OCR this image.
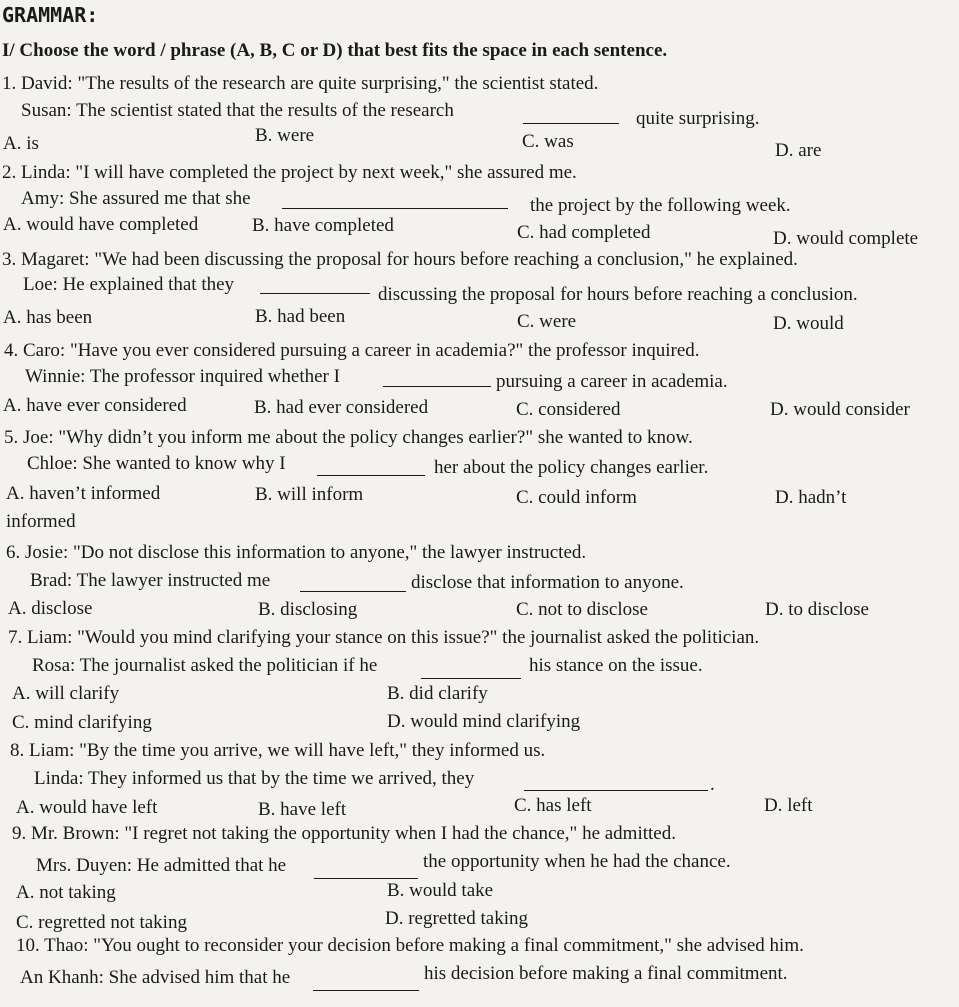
GRAMMAR:
I/ Choose the word / phrase (A, B, C or D) that best fits the space in each sentence.
1. David: "The results of the research are quite surprising," the scientist stated.
Susan: The scientist stated that the results of the research	quite surprising.
A. is	B. were	C. was	D. are
2. Linda: "I will have completed the project by next week," she assured me.
Amy: She assured me that she	the project by the following week.
A. would have completed	B. have completed	C. had completed	D. would complete
3. Magaret: "We had been discussing the proposal for hours before reaching a conclusion," he explained.
Loe: He explained that they	discussing the proposal for hours before reaching a conclusion.
A. has been	B. had been	C. were	D. would
4. Caro: "Have you ever considered pursuing a career in academia?" the professor inquired.
Winnie: The professor inquired whether I	pursuing a career in academia.
A. have ever considered	B. had ever considered	C. considered	D. would consider
5. Joe: "Why didn’t you inform me about the policy changes earlier?" she wanted to know.
Chloe: She wanted to know why I	her about the policy changes earlier.
A. haven’t informed	B. will inform	C. could inform	D. hadn’t
informed
6. Josie: "Do not disclose this information to anyone," the lawyer instructed.
Brad: The lawyer instructed me	disclose that information to anyone.
A. disclose	B. disclosing	C. not to disclose	D. to disclose
7. Liam: "Would you mind clarifying your stance on this issue?" the journalist asked the politician.
Rosa: The journalist asked the politician if he	his stance on the issue.
A. will clarify	B. did clarify
C. mind clarifying	D. would mind clarifying
8. Liam: "By the time you arrive, we will have left," they informed us.
Linda: They informed us that by the time we arrived, they	.
A. would have left	B. have left	C. has left	D. left
9. Mr. Brown: "I regret not taking the opportunity when I had the chance," he admitted.
Mrs. Duyen: He admitted that he	the opportunity when he had the chance.
A. not taking	B. would take
C. regretted not taking	D. regretted taking
10. Thao: "You ought to reconsider your decision before making a final commitment," she advised him.
An Khanh: She advised him that he	his decision before making a final commitment.
